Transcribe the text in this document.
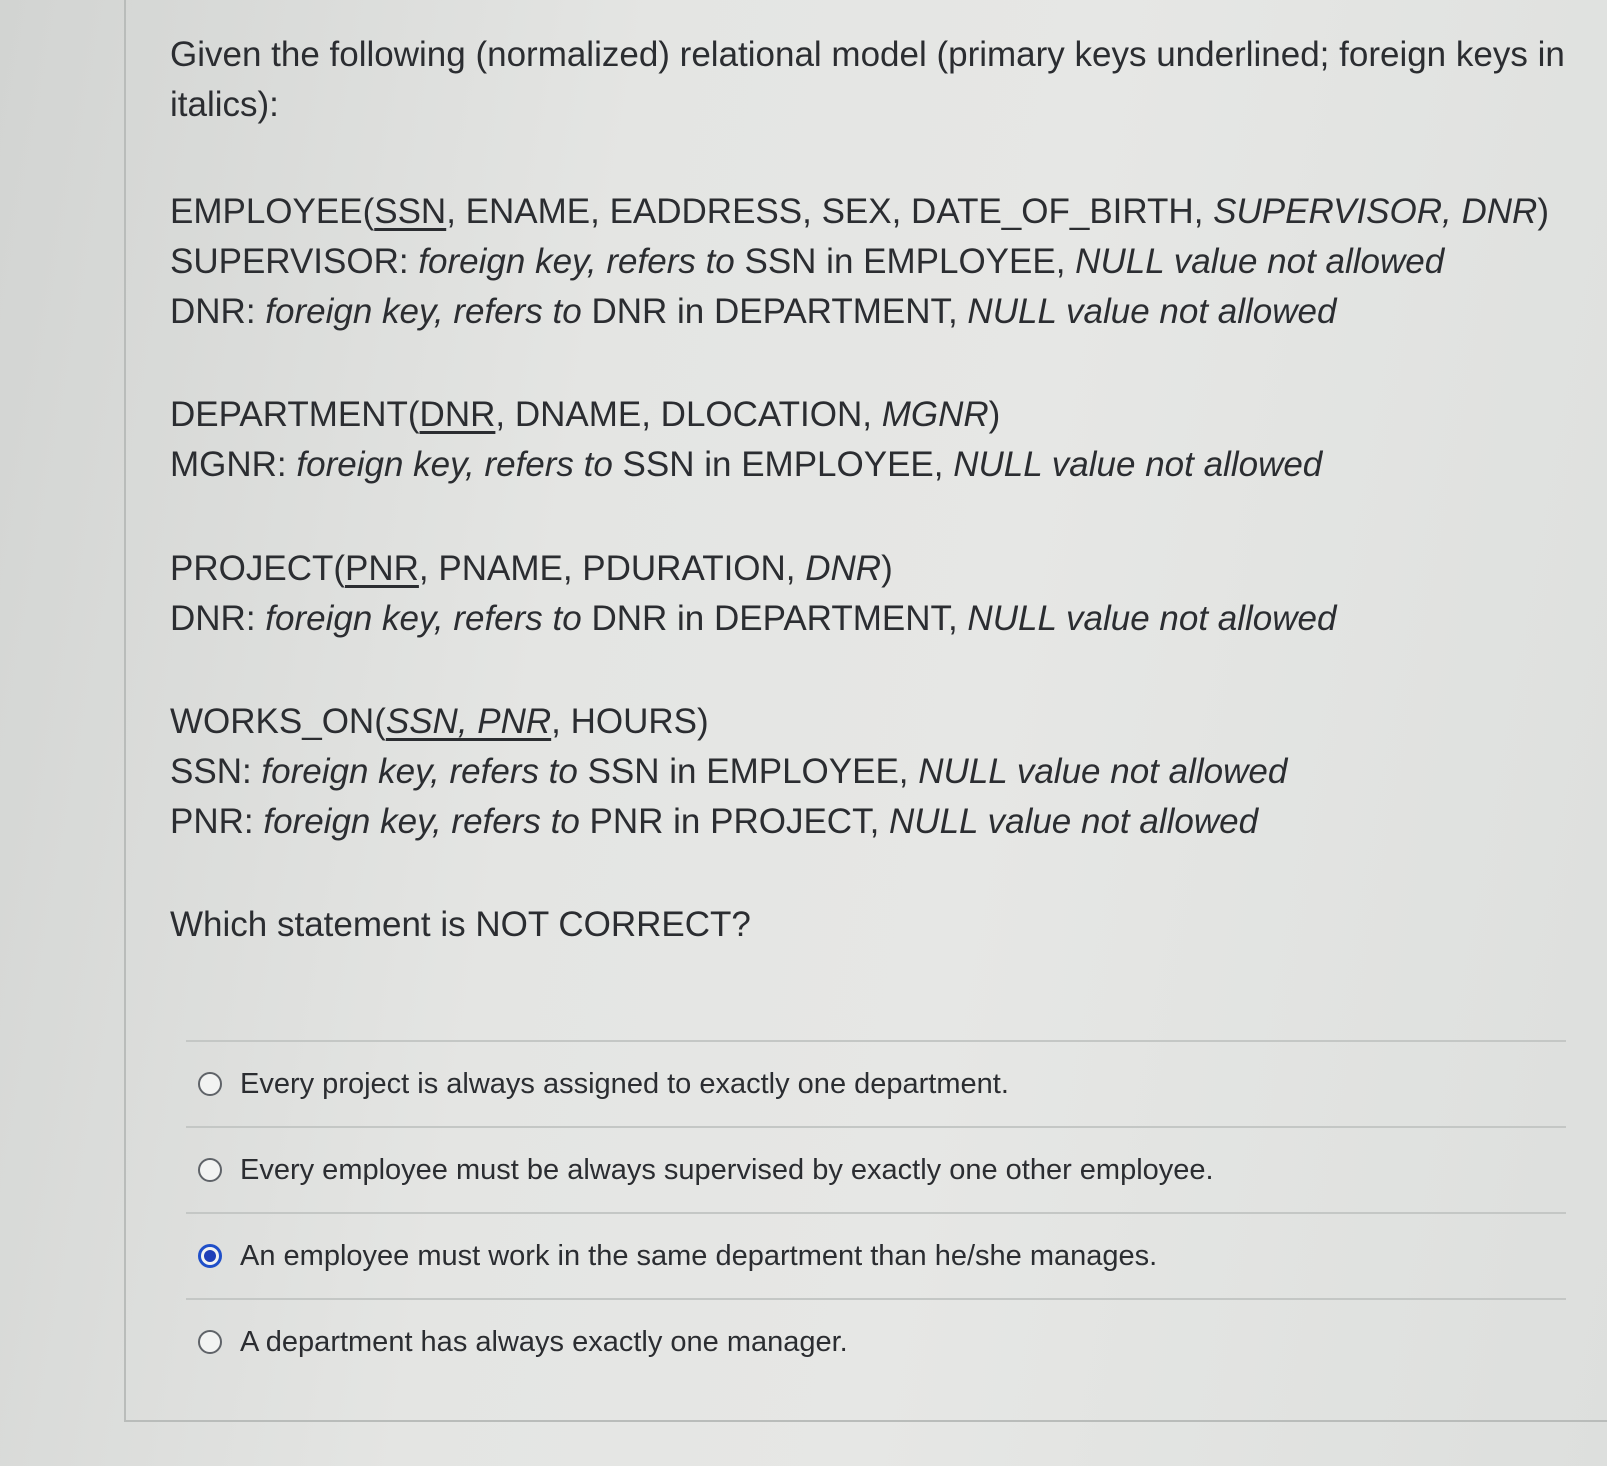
Given the following (normalized) relational model (primary keys underlined; foreign keys in italics):

EMPLOYEE(SSN, ENAME, EADDRESS, SEX, DATE_OF_BIRTH, SUPERVISOR, DNR)

SUPERVISOR: foreign key, refers to SSN in EMPLOYEE, NULL value not allowed

DNR: foreign key, refers to DNR in DEPARTMENT, NULL value not allowed

DEPARTMENT(DNR, DNAME, DLOCATION, MGNR)

MGNR: foreign key, refers to SSN in EMPLOYEE, NULL value not allowed

PROJECT(PNR, PNAME, PDURATION, DNR)

DNR: foreign key, refers to DNR in DEPARTMENT, NULL value not allowed

WORKS_ON(SSN, PNR, HOURS)

SSN: foreign key, refers to SSN in EMPLOYEE, NULL value not allowed

PNR: foreign key, refers to PNR in PROJECT, NULL value not allowed

Which statement is NOT CORRECT?

Every project is always assigned to exactly one department.
Every employee must be always supervised by exactly one other employee.
An employee must work in the same department than he/she manages.
A department has always exactly one manager.
